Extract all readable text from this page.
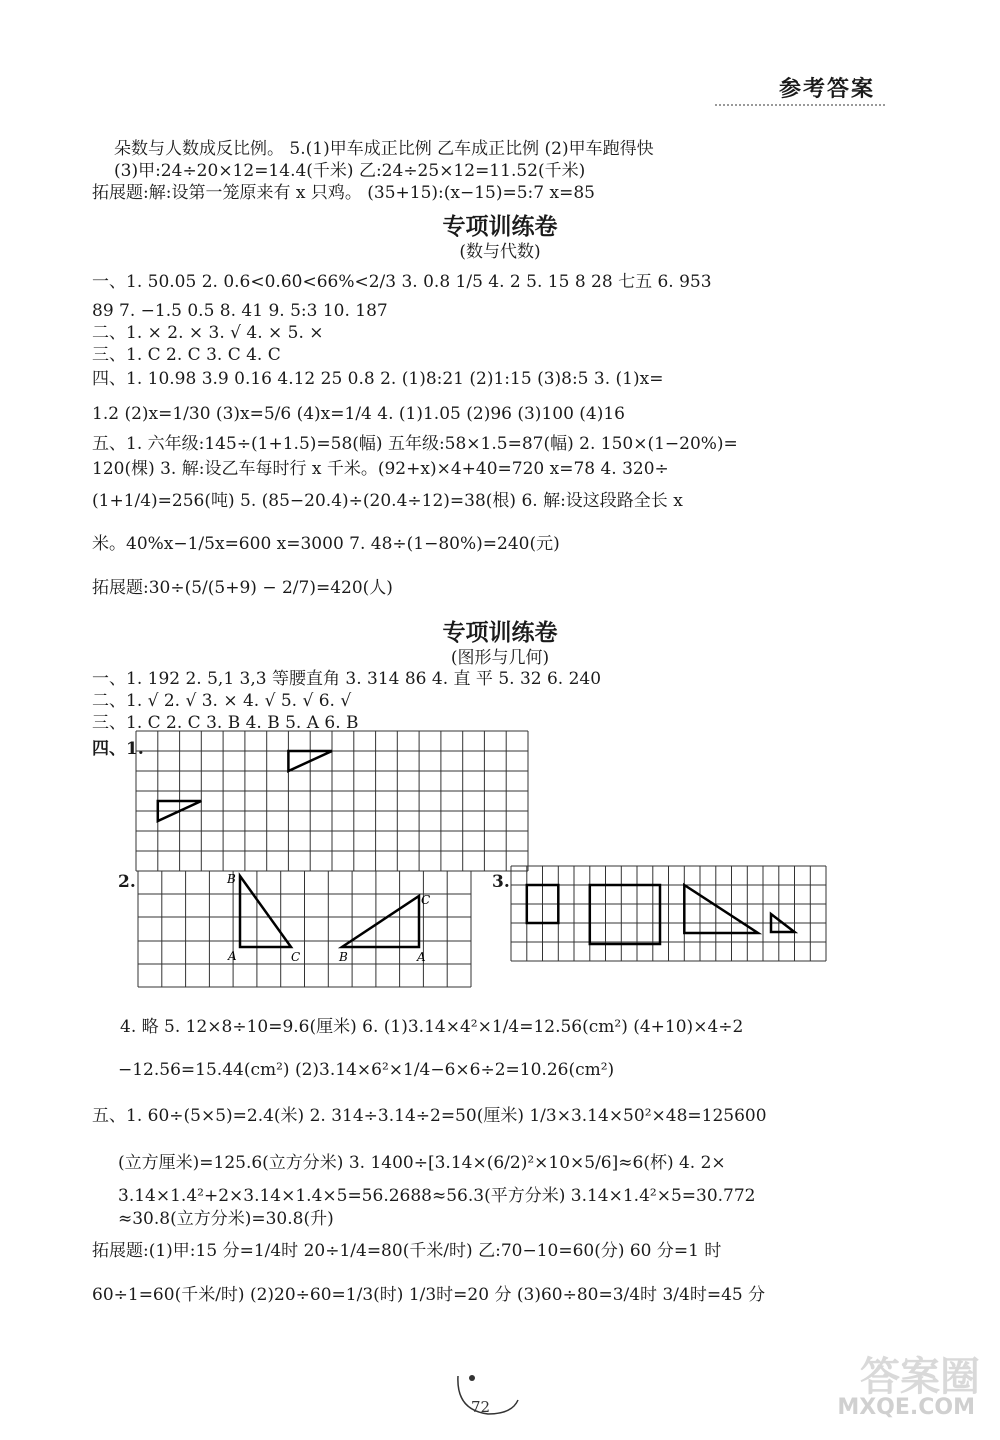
参考答案
朵数与人数成反比例。 5.(1)甲车成正比例 乙车成正比例 (2)甲车跑得快
(3)甲:24÷20×12=14.4(千米) 乙:24÷25×12=11.52(千米)
拓展题:解:设第一笼原来有 x 只鸡。 (35+15):(x−15)=5:7 x=85
专项训练卷
(数与代数)
一、1. 50.05 2. 0.6<0.6̇0̇<66%<2/3 3. 0.8 1/5 4. 2 5. 15 8 28 七五 6. 953
89 7. −1.5 0.5 8. 41 9. 5:3 10. 187
二、1. × 2. × 3. √ 4. × 5. ×
三、1. C 2. C 3. C 4. C
四、1. 10.98 3.9 0.16 4.12 25 0.8 2. (1)8:21 (2)1:15 (3)8:5 3. (1)x=
1.2 (2)x=1/30 (3)x=5/6 (4)x=1/4 4. (1)1.05 (2)96 (3)100 (4)16
五、1. 六年级:145÷(1+1.5)=58(幅) 五年级:58×1.5=87(幅) 2. 150×(1−20%)=
120(棵) 3. 解:设乙车每时行 x 千米。(92+x)×4+40=720 x=78 4. 320÷
(1+1/4)=256(吨) 5. (85−20.4)÷(20.4÷12)=38(根) 6. 解:设这段路全长 x
米。40%x−1/5x=600 x=3000 7. 48÷(1−80%)=240(元)
拓展题:30÷(5/(5+9) − 2/7)=420(人)
专项训练卷
(图形与几何)
一、1. 192 2. 5,1 3,3 等腰直角 3. 314 86 4. 直 平 5. 32 6. 240
二、1. √ 2. √ 3. × 4. √ 5. √ 6. √
三、1. C 2. C 3. B 4. B 5. A 6. B
四、1.
2.	B
A	C
C
B	A
3.
4. 略 5. 12×8÷10=9.6(厘米) 6. (1)3.14×4²×1/4=12.56(cm²) (4+10)×4÷2
−12.56=15.44(cm²) (2)3.14×6²×1/4−6×6÷2=10.26(cm²)
五、1. 60÷(5×5)=2.4(米) 2. 314÷3.14÷2=50(厘米) 1/3×3.14×50²×48=125600
(立方厘米)=125.6(立方分米) 3. 1400÷[3.14×(6/2)²×10×5/6]≈6(杯) 4. 2×
3.14×1.4²+2×3.14×1.4×5=56.2688≈56.3(平方分米) 3.14×1.4²×5=30.772
≈30.8(立方分米)=30.8(升)
拓展题:(1)甲:15 分=1/4时 20÷1/4=80(千米/时) 乙:70−10=60(分) 60 分=1 时
60÷1=60(千米/时) (2)20÷60=1/3(时) 1/3时=20 分 (3)60÷80=3/4时 3/4时=45 分
72
答案圈
MXQE.COM
